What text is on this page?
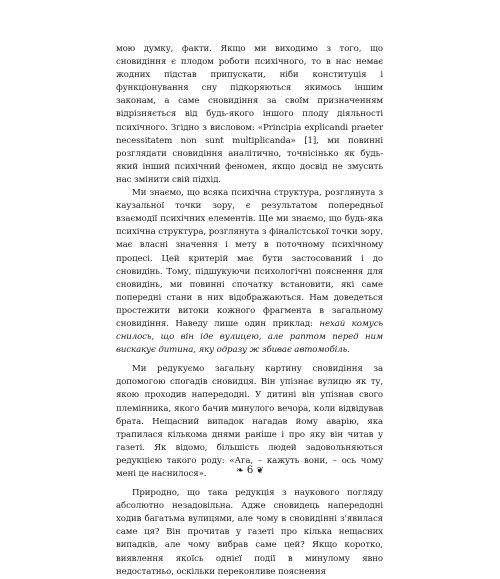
мою думку, факти. Якщо ми виходимо з того, що сновидіння є плодом роботи психічного, то в нас немає жодних підстав припускати, ніби конституція і функціонування сну підкоряються якимось іншим законам, а саме сновидіння за своїм призначенням відрізняється від будь-якого іншого плоду діяльності психічного. Згідно з висловом: «Principia explicandi praeter necessitatem non sunt multiplicanda» [1], ми повинні розглядати сновидіння аналітично, точнісінько як будь-який інший психічний феномен, якщо досвід не змусить нас змінити свій підхід.

Ми знаємо, що всяка психічна структура, розглянута з каузальної точки зору, є результатом попередньої взаємодії психічних елементів. Ще ми знаємо, що будь-яка психічна структура, розглянута з фіналістської точки зору, має власні значення і мету в поточному психічному процесі. Цей критерій має бути застосований і до сновидінь. Тому, підшукуючи психологічні пояснення для сновидінь, ми повинні спочатку встановити, які саме попередні стани в них відображаються. Нам доведеться простежити витоки кожного фрагмента в загальному сновидіння. Наведу лише один приклад: нехай комусь снилось, що він іде вулицею, але раптом перед ним вискакує дитина, яку одразу ж збиває автомобіль.

Ми редукуємо загальну картину сновидіння за допомогою спогадів сновидця. Він упізнає вулицю як ту, якою проходив напередодні. У дитині він упізнав свого племінника, якого бачив минулого вечора, коли відвідував брата. Нещасний випадок нагадав йому аварію, яка трапилася кількома днями раніше і про яку він читав у газеті. Як відомо, більшість людей задовольняються редукцією такого роду: «Ага, – кажуть вони, – ось чому мені це наснилося».

Природно, що така редукція з наукового погляду абсолютно незадовільна. Адже сновидець напередодні ходив багатьма вулицями, але чому в сновидінні з'явилася саме ця? Він прочитав у газеті про кілька нещасних випадків, але чому вибрав саме цей? Якщо коротко, виявлення якоїсь однієї події в минулому явно недостатньо, оскільки переконливе пояснення

❧ 6 ❦
